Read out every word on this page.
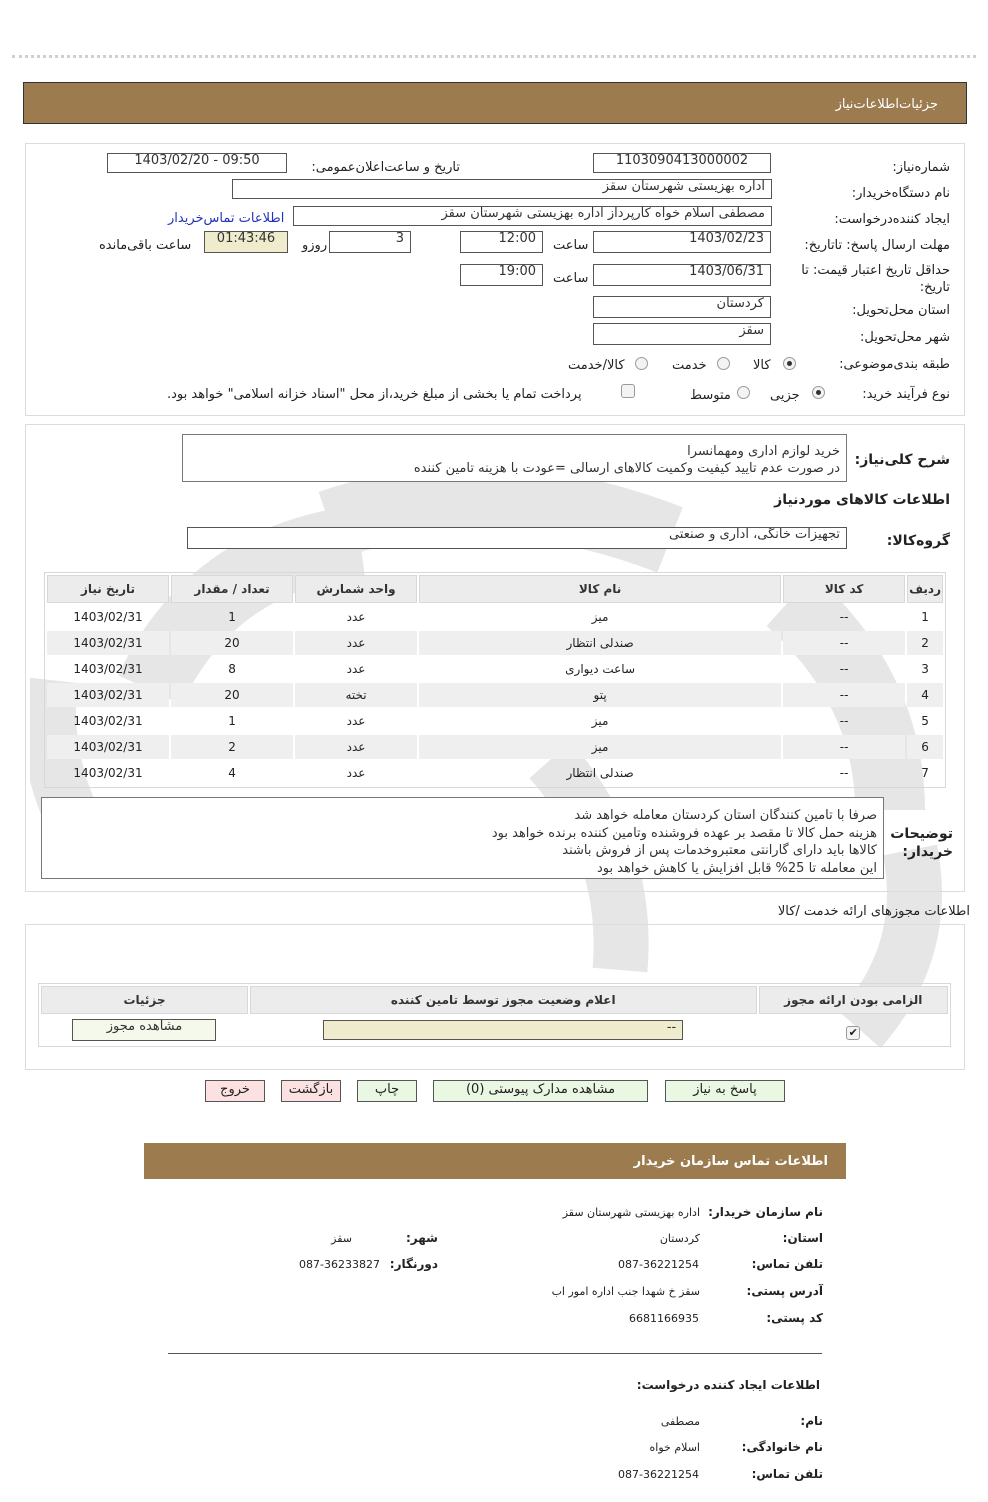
جزئیات‌اطلاعات‌نیاز
شماره‌نیاز:
1103090413000002
تاریخ و ساعت‌اعلان‌عمومی:
1403/02/20 - 09:50
نام دستگاه‌خریدار:
اداره بهزیستی شهرستان سقز
ایجاد کننده‌درخواست:
مصطفی اسلام خواه کارپرداز اداره بهزیستی شهرستان سقز
اطلاعات تماس‌خریدار
مهلت ارسال پاسخ: تاتاریخ:
1403/02/23
ساعت
12:00
3
روزو
01:43:46
ساعت باقی‌مانده
حداقل تاریخ اعتبار قیمت: تا تاریخ:
1403/06/31
ساعت
19:00
استان محل‌تحویل:
کردستان
شهر محل‌تحویل:
سقز
طبقه بندی‌موضوعی:
کالا
خدمت
کالا/خدمت
نوع فرآیند خرید:
جزیی
متوسط
پرداخت تمام یا بخشی از مبلغ خرید،از محل "اسناد خزانه اسلامی" خواهد بود.
شرح کلی‌نیاز:
خرید لوازم اداری ومهمانسرا
در صورت عدم تایید کیفیت وکمیت کالاهای ارسالی =عودت با هزینه تامین کننده
اطلاعات کالاهای مورد‌نیاز
گروه‌کالا:
تجهیزات خانگی، اداری و صنعتی
ردیف	کد کالا	نام کالا	واحد شمارش	تعداد / مقدار	تاریخ نیاز
1	--	میز	عدد	1	1403/02/31
2	--	صندلی انتظار	عدد	20	1403/02/31
3	--	ساعت دیواری	عدد	8	1403/02/31
4	--	پتو	تخته	20	1403/02/31
5	--	میز	عدد	1	1403/02/31
6	--	میز	عدد	2	1403/02/31
7	--	صندلی انتظار	عدد	4	1403/02/31
توضیحات
خریدار:
صرفا با تامین کنندگان استان کردستان معامله خواهد شد
هزینه حمل کالا تا مقصد بر عهده فروشنده وتامین کننده برنده خواهد بود
کالاها باید دارای گارانتی معتبروخدمات پس از فروش باشند
این معامله تا 25% قابل افزایش یا کاهش خواهد بود
اطلاعات مجوزهای ارائه خدمت /کالا
الزامی بودن ارائه مجوز	اعلام وضعیت مجوز توسط تامین کننده	جزئیات
✔	--	مشاهده مجوز
پاسخ به نیاز
مشاهده مدارک پیوستی (0)
چاپ
بازگشت
خروج
اطلاعات تماس سازمان خریدار
نام سازمان خریدار:
اداره بهزیستی شهرستان سقز
استان:
کردستان
شهر:
سقز
تلفن تماس:
087-36221254
دورنگار:
087-36233827
آدرس پستی:
سقز خ شهدا جنب اداره امور اب
کد پستی:
6681166935
اطلاعات ایجاد کننده درخواست:
نام:
مصطفی
نام خانوادگی:
اسلام خواه
تلفن تماس:
087-36221254
